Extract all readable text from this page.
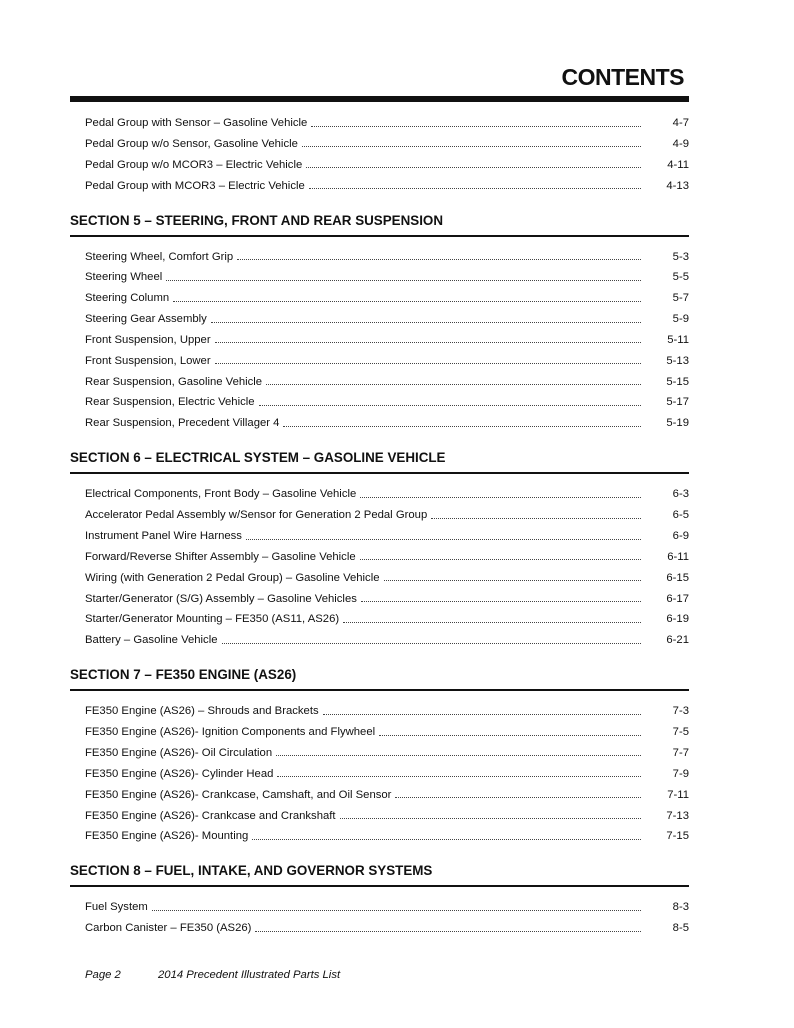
CONTENTS
Pedal Group with Sensor – Gasoline Vehicle	4-7
Pedal Group w/o Sensor, Gasoline Vehicle	4-9
Pedal Group w/o MCOR3 – Electric Vehicle	4-11
Pedal Group with MCOR3 – Electric Vehicle	4-13
SECTION 5 – STEERING, FRONT AND REAR SUSPENSION
Steering Wheel, Comfort Grip	5-3
Steering Wheel	5-5
Steering Column	5-7
Steering Gear Assembly	5-9
Front Suspension, Upper	5-11
Front Suspension, Lower	5-13
Rear Suspension, Gasoline Vehicle	5-15
Rear Suspension, Electric Vehicle	5-17
Rear Suspension, Precedent Villager 4	5-19
SECTION 6 – ELECTRICAL SYSTEM – GASOLINE VEHICLE
Electrical Components, Front Body – Gasoline Vehicle	6-3
Accelerator Pedal Assembly w/Sensor for Generation 2 Pedal Group	6-5
Instrument Panel Wire Harness	6-9
Forward/Reverse Shifter Assembly – Gasoline Vehicle	6-11
Wiring (with Generation 2 Pedal Group) – Gasoline Vehicle	6-15
Starter/Generator (S/G) Assembly – Gasoline Vehicles	6-17
Starter/Generator Mounting – FE350 (AS11, AS26)	6-19
Battery – Gasoline Vehicle	6-21
SECTION 7 – FE350 ENGINE (AS26)
FE350 Engine (AS26) – Shrouds and Brackets	7-3
FE350 Engine (AS26)- Ignition Components and Flywheel	7-5
FE350 Engine (AS26)- Oil Circulation	7-7
FE350 Engine (AS26)- Cylinder Head	7-9
FE350 Engine (AS26)- Crankcase, Camshaft, and Oil Sensor	7-11
FE350 Engine (AS26)- Crankcase and Crankshaft	7-13
FE350 Engine (AS26)- Mounting	7-15
SECTION 8 – FUEL, INTAKE, AND GOVERNOR SYSTEMS
Fuel System	8-3
Carbon Canister – FE350 (AS26)	8-5
Page 2	2014 Precedent Illustrated Parts List
